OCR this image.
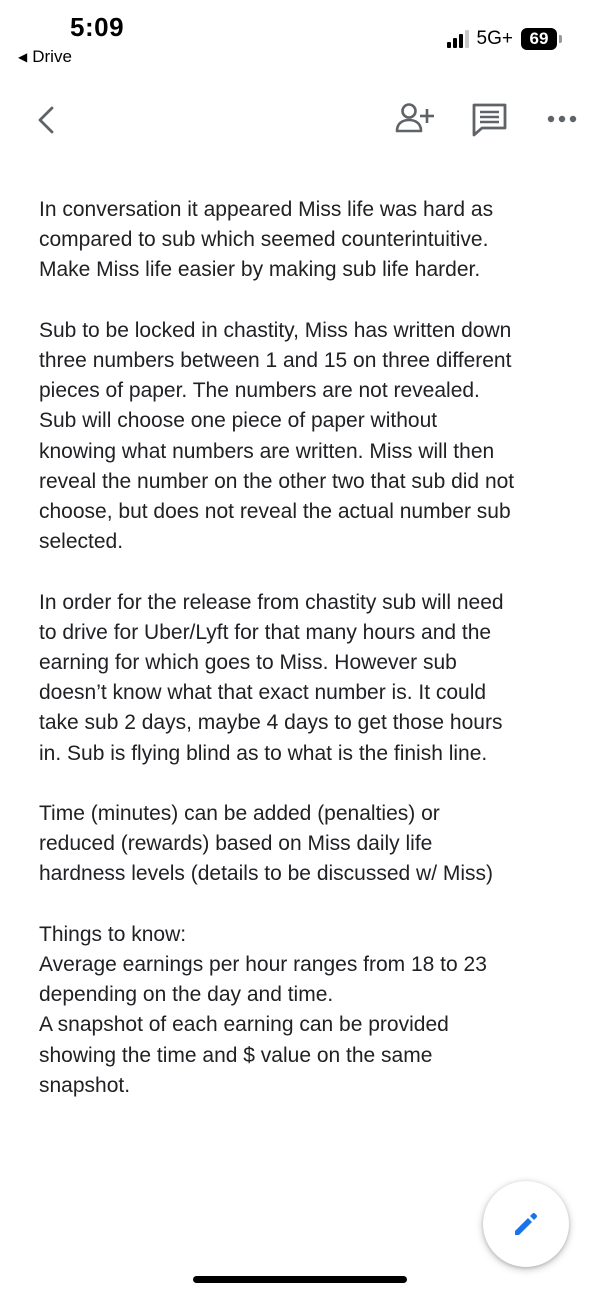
5:09
◀ Drive
5G+ 69

In conversation it appeared Miss life was hard as
compared to sub which seemed counterintuitive.
Make Miss life easier by making sub life harder.

Sub to be locked in chastity, Miss has written down
three numbers between 1 and 15 on three different
pieces of paper. The numbers are not revealed.
Sub will choose one piece of paper without
knowing what numbers are written. Miss will then
reveal the number on the other two that sub did not
choose, but does not reveal the actual number sub
selected.

In order for the release from chastity sub will need
to drive for Uber/Lyft for that many hours and the
earning for which goes to Miss. However sub
doesn’t know what that exact number is. It could
take sub 2 days, maybe 4 days to get those hours
in. Sub is flying blind as to what is the finish line.

Time (minutes) can be added (penalties) or
reduced (rewards) based on Miss daily life
hardness levels (details to be discussed w/ Miss)

Things to know:
Average earnings per hour ranges from 18 to 23
depending on the day and time.
A snapshot of each earning can be provided
showing the time and $ value on the same
snapshot.
